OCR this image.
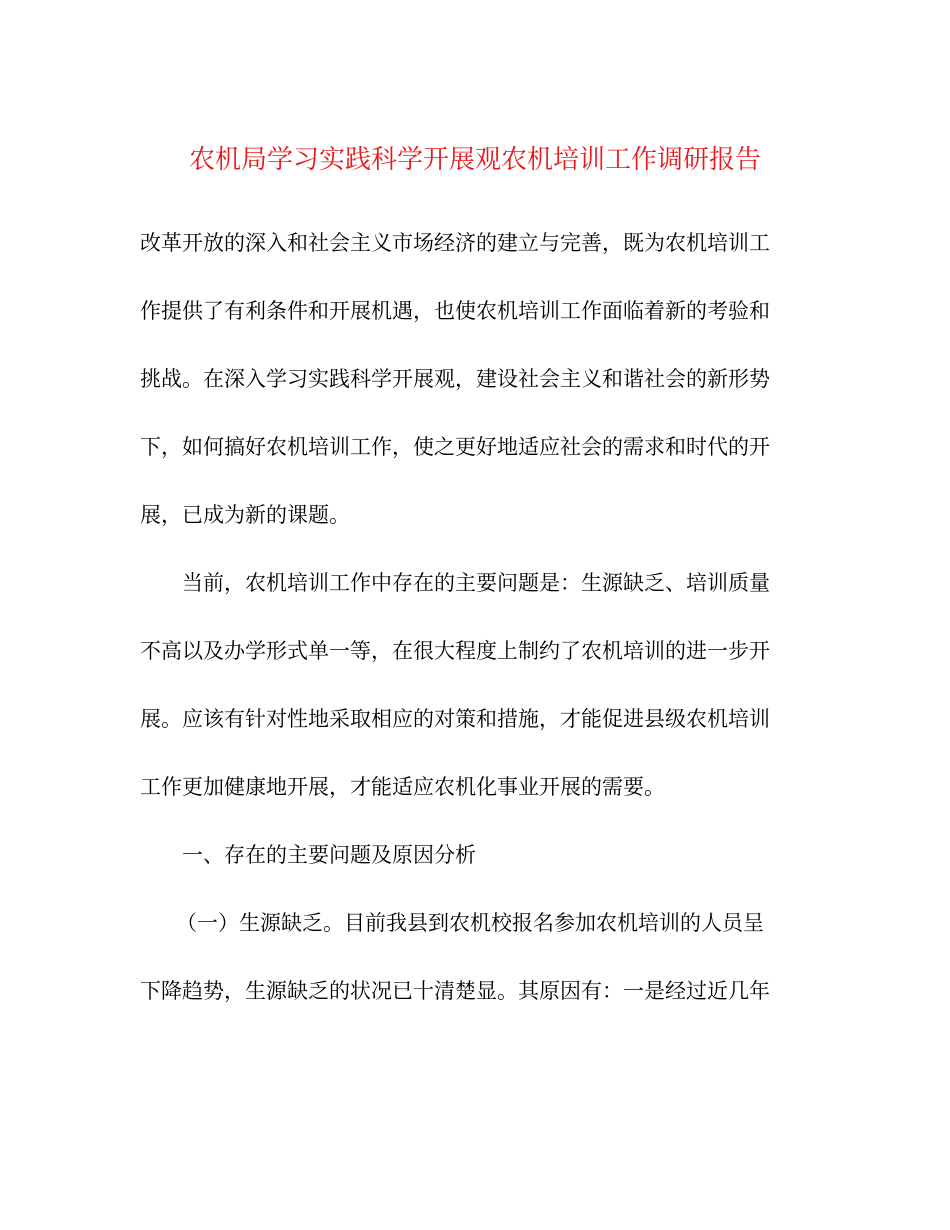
农机局学习实践科学开展观农机培训工作调研报告
改革开放的深入和社会主义市场经济的建立与完善，既为农机培训工
作提供了有利条件和开展机遇，也使农机培训工作面临着新的考验和
挑战。在深入学习实践科学开展观，建设社会主义和谐社会的新形势
下，如何搞好农机培训工作，使之更好地适应社会的需求和时代的开
展，已成为新的课题。
当前，农机培训工作中存在的主要问题是：生源缺乏、培训质量
不高以及办学形式单一等，在很大程度上制约了农机培训的进一步开
展。应该有针对性地采取相应的对策和措施，才能促进县级农机培训
工作更加健康地开展，才能适应农机化事业开展的需要。
一、存在的主要问题及原因分析
（一）生源缺乏。目前我县到农机校报名参加农机培训的人员呈
下降趋势，生源缺乏的状况已十清楚显。其原因有：一是经过近几年
